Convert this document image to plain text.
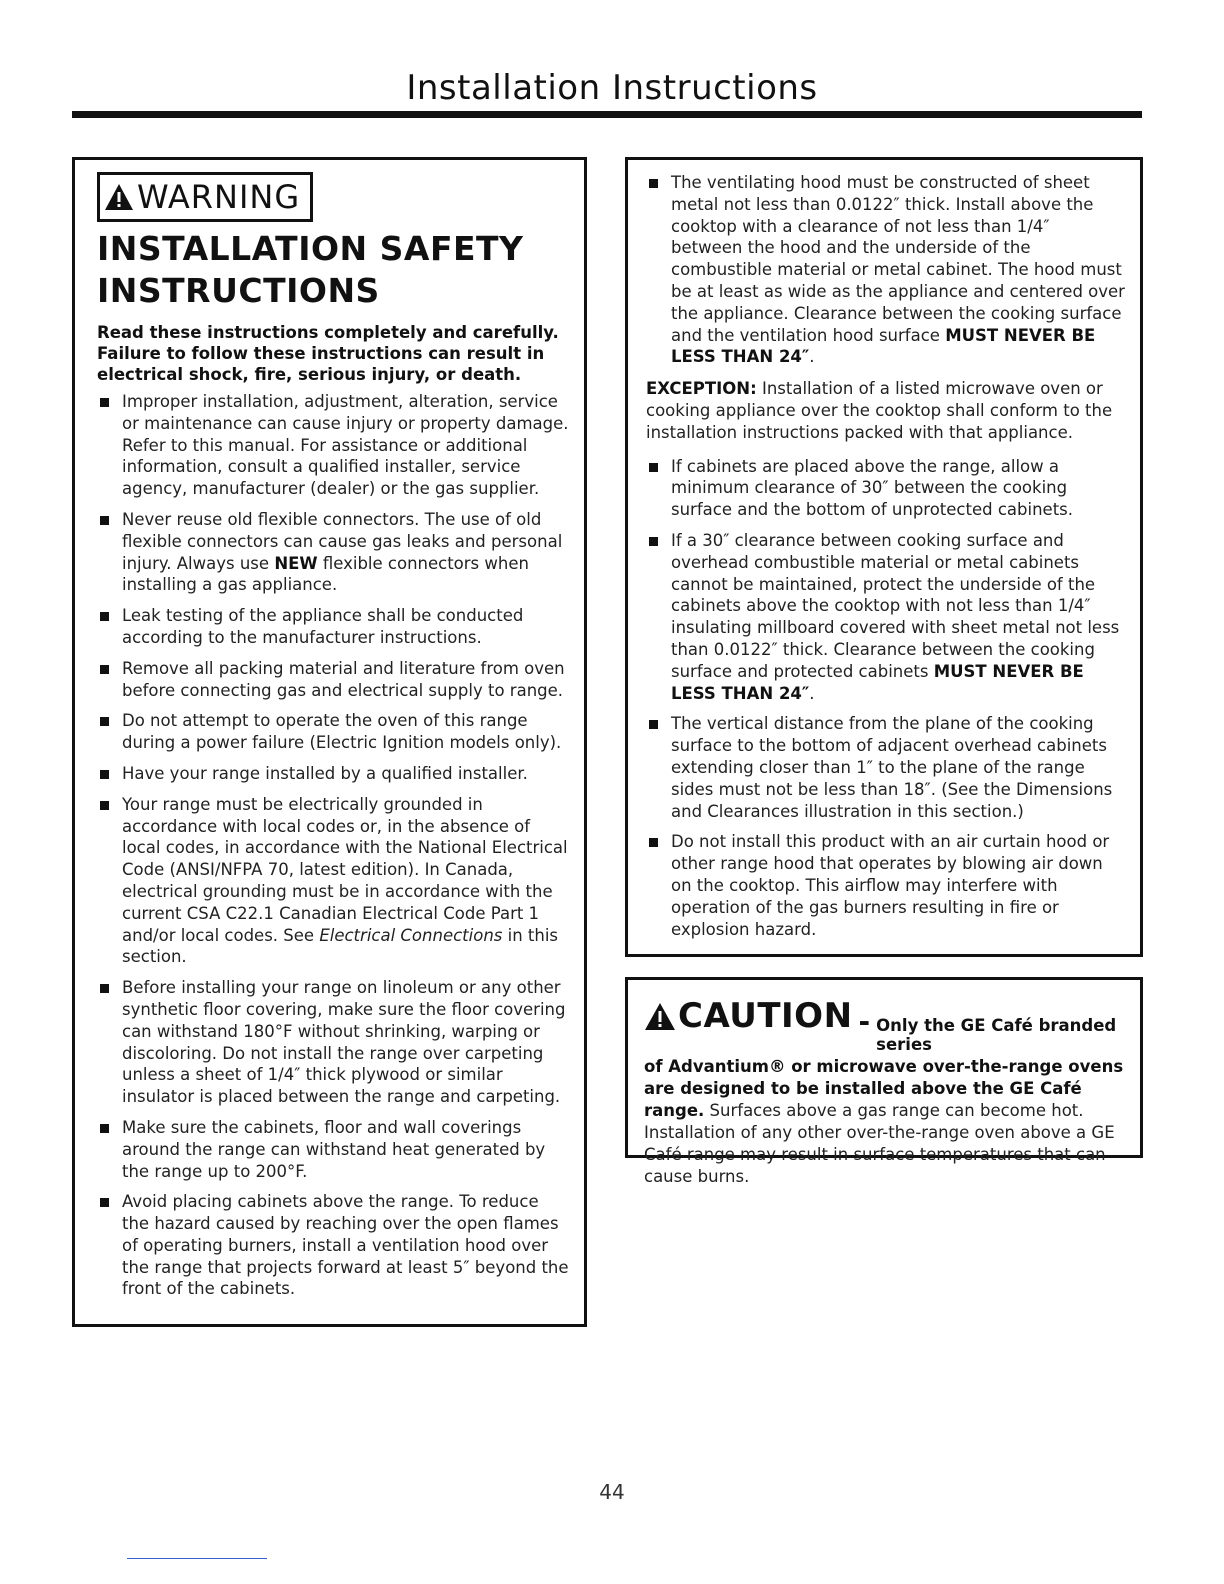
Installation Instructions
WARNING
INSTALLATION SAFETY
INSTRUCTIONS
Read these instructions completely and carefully. Failure to follow these instructions can result in electrical shock, fire, serious injury, or death.
Improper installation, adjustment, alteration, service or maintenance can cause injury or property damage. Refer to this manual. For assistance or additional information, consult a qualified installer, service agency, manufacturer (dealer) or the gas supplier.
Never reuse old flexible connectors. The use of old flexible connectors can cause gas leaks and personal injury. Always use NEW flexible connectors when installing a gas appliance.
Leak testing of the appliance shall be conducted according to the manufacturer instructions.
Remove all packing material and literature from oven before connecting gas and electrical supply to range.
Do not attempt to operate the oven of this range during a power failure (Electric Ignition models only).
Have your range installed by a qualified installer.
Your range must be electrically grounded in accordance with local codes or, in the absence of local codes, in accordance with the National Electrical Code (ANSI/NFPA 70, latest edition). In Canada, electrical grounding must be in accordance with the current CSA C22.1 Canadian Electrical Code Part 1 and/or local codes. See Electrical Connections in this section.
Before installing your range on linoleum or any other synthetic floor covering, make sure the floor covering can withstand 180°F without shrinking, warping or discoloring. Do not install the range over carpeting unless a sheet of 1/4″ thick plywood or similar insulator is placed between the range and carpeting.
Make sure the cabinets, floor and wall coverings around the range can withstand heat generated by the range up to 200°F.
Avoid placing cabinets above the range. To reduce the hazard caused by reaching over the open flames of operating burners, install a ventilation hood over the range that projects forward at least 5″ beyond the front of the cabinets.
The ventilating hood must be constructed of sheet metal not less than 0.0122″ thick. Install above the cooktop with a clearance of not less than 1/4″ between the hood and the underside of the combustible material or metal cabinet. The hood must be at least as wide as the appliance and centered over the appliance. Clearance between the cooking surface and the ventilation hood surface MUST NEVER BE LESS THAN 24″.
EXCEPTION: Installation of a listed microwave oven or cooking appliance over the cooktop shall conform to the installation instructions packed with that appliance.
If cabinets are placed above the range, allow a minimum clearance of 30″ between the cooking surface and the bottom of unprotected cabinets.
If a 30″ clearance between cooking surface and overhead combustible material or metal cabinets cannot be maintained, protect the underside of the cabinets above the cooktop with not less than 1/4″ insulating millboard covered with sheet metal not less than 0.0122″ thick. Clearance between the cooking surface and protected cabinets MUST NEVER BE LESS THAN 24″.
The vertical distance from the plane of the cooking surface to the bottom of adjacent overhead cabinets extending closer than 1″ to the plane of the range sides must not be less than 18″. (See the Dimensions and Clearances illustration in this section.)
Do not install this product with an air curtain hood or other range hood that operates by blowing air down on the cooktop. This airflow may interfere with operation of the gas burners resulting in fire or explosion hazard.
CAUTION - Only the GE Café branded series
of Advantium® or microwave over-the-range ovens are designed to be installed above the GE Café range. Surfaces above a gas range can become hot. Installation of any other over-the-range oven above a GE Café range may result in surface temperatures that can cause burns.
44
